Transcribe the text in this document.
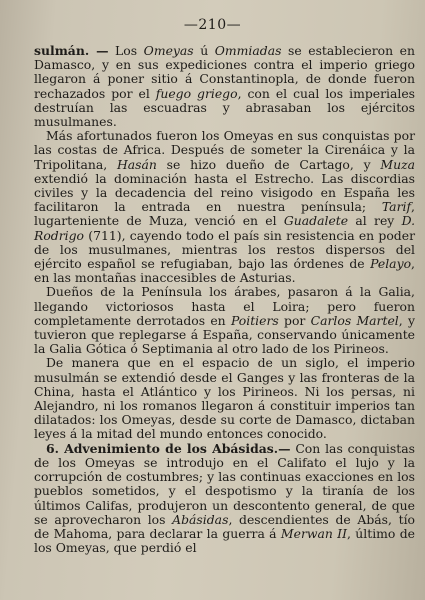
—210—

sulmán. — Los Omeyas ú Ommiadas se establecieron en Damasco, y en sus expediciones contra el imperio griego llegaron á poner sitio á Constantinopla, de donde fueron rechazados por el fuego griego, con el cual los imperiales destruían las escuadras y abrasaban los ejércitos musulmanes.

Más afortunados fueron los Omeyas en sus conquistas por las costas de Africa. Después de someter la Cirenáica y la Tripolitana, Hasán se hizo dueño de Cartago, y Muza extendió la dominación hasta el Estrecho. Las discordias civiles y la decadencia del reino visigodo en España les facilitaron la entrada en nuestra península; Tarif, lugarteniente de Muza, venció en el Guadalete al rey D. Rodrigo (711), cayendo todo el país sin resistencia en poder de los musulmanes, mientras los restos dispersos del ejército español se refugiaban, bajo las órdenes de Pelayo, en las montañas inaccesibles de Asturias.

Dueños de la Península los árabes, pasaron á la Galia, llegando victoriosos hasta el Loira; pero fueron completamente derrotados en Poitiers por Carlos Martel, y tuvieron que replegarse á España, conservando únicamente la Galia Gótica ó Septimania al otro lado de los Pirineos.

De manera que en el espacio de un siglo, el imperio musulmán se extendió desde el Ganges y las fronteras de la China, hasta el Atlántico y los Pirineos. Ni los persas, ni Alejandro, ni los romanos llegaron á constituir imperios tan dilatados: los Omeyas, desde su corte de Damasco, dictaban leyes á la mitad del mundo entonces conocido.

6. Advenimiento de los Abásidas.— Con las conquistas de los Omeyas se introdujo en el Califato el lujo y la corrupción de costumbres; y las continuas exacciones en los pueblos sometidos, y el despotismo y la tiranía de los últimos Califas, produjeron un descontento general, de que se aprovecharon los Abásidas, descendientes de Abás, tío de Mahoma, para declarar la guerra á Merwan II, último de los Omeyas, que perdió el
